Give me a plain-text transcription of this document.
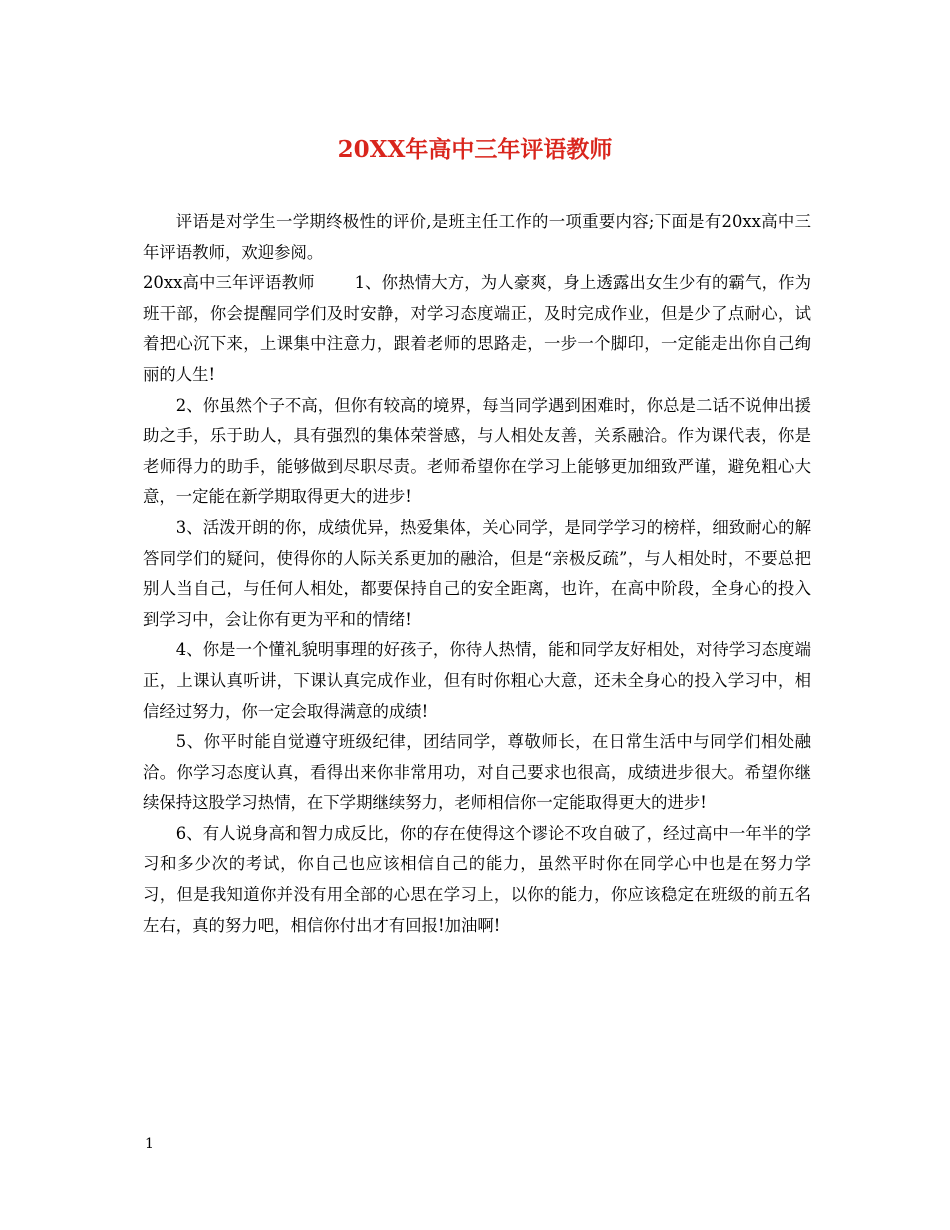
20XX年高中三年评语教师

评语是对学生一学期终极性的评价,是班主任工作的一项重要内容;下面是有20xx高中三年评语教师，欢迎参阅。

20xx高中三年评语教师 1、你热情大方，为人豪爽，身上透露出女生少有的霸气，作为班干部，你会提醒同学们及时安静，对学习态度端正，及时完成作业，但是少了点耐心，试着把心沉下来，上课集中注意力，跟着老师的思路走，一步一个脚印，一定能走出你自己绚丽的人生!

2、你虽然个子不高，但你有较高的境界，每当同学遇到困难时，你总是二话不说伸出援助之手，乐于助人，具有强烈的集体荣誉感，与人相处友善，关系融洽。作为课代表，你是老师得力的助手，能够做到尽职尽责。老师希望你在学习上能够更加细致严谨，避免粗心大意，一定能在新学期取得更大的进步!

3、活泼开朗的你，成绩优异，热爱集体，关心同学，是同学学习的榜样，细致耐心的解答同学们的疑问，使得你的人际关系更加的融洽，但是“亲极反疏”，与人相处时，不要总把别人当自己，与任何人相处，都要保持自己的安全距离，也许，在高中阶段，全身心的投入到学习中，会让你有更为平和的情绪!

4、你是一个懂礼貌明事理的好孩子，你待人热情，能和同学友好相处，对待学习态度端正，上课认真听讲，下课认真完成作业，但有时你粗心大意，还未全身心的投入学习中，相信经过努力，你一定会取得满意的成绩!

5、你平时能自觉遵守班级纪律，团结同学，尊敬师长，在日常生活中与同学们相处融洽。你学习态度认真，看得出来你非常用功，对自己要求也很高，成绩进步很大。希望你继续保持这股学习热情，在下学期继续努力，老师相信你一定能取得更大的进步!

6、有人说身高和智力成反比，你的存在使得这个谬论不攻自破了，经过高中一年半的学习和多少次的考试，你自己也应该相信自己的能力，虽然平时你在同学心中也是在努力学习，但是我知道你并没有用全部的心思在学习上，以你的能力，你应该稳定在班级的前五名左右，真的努力吧，相信你付出才有回报!加油啊!

1
